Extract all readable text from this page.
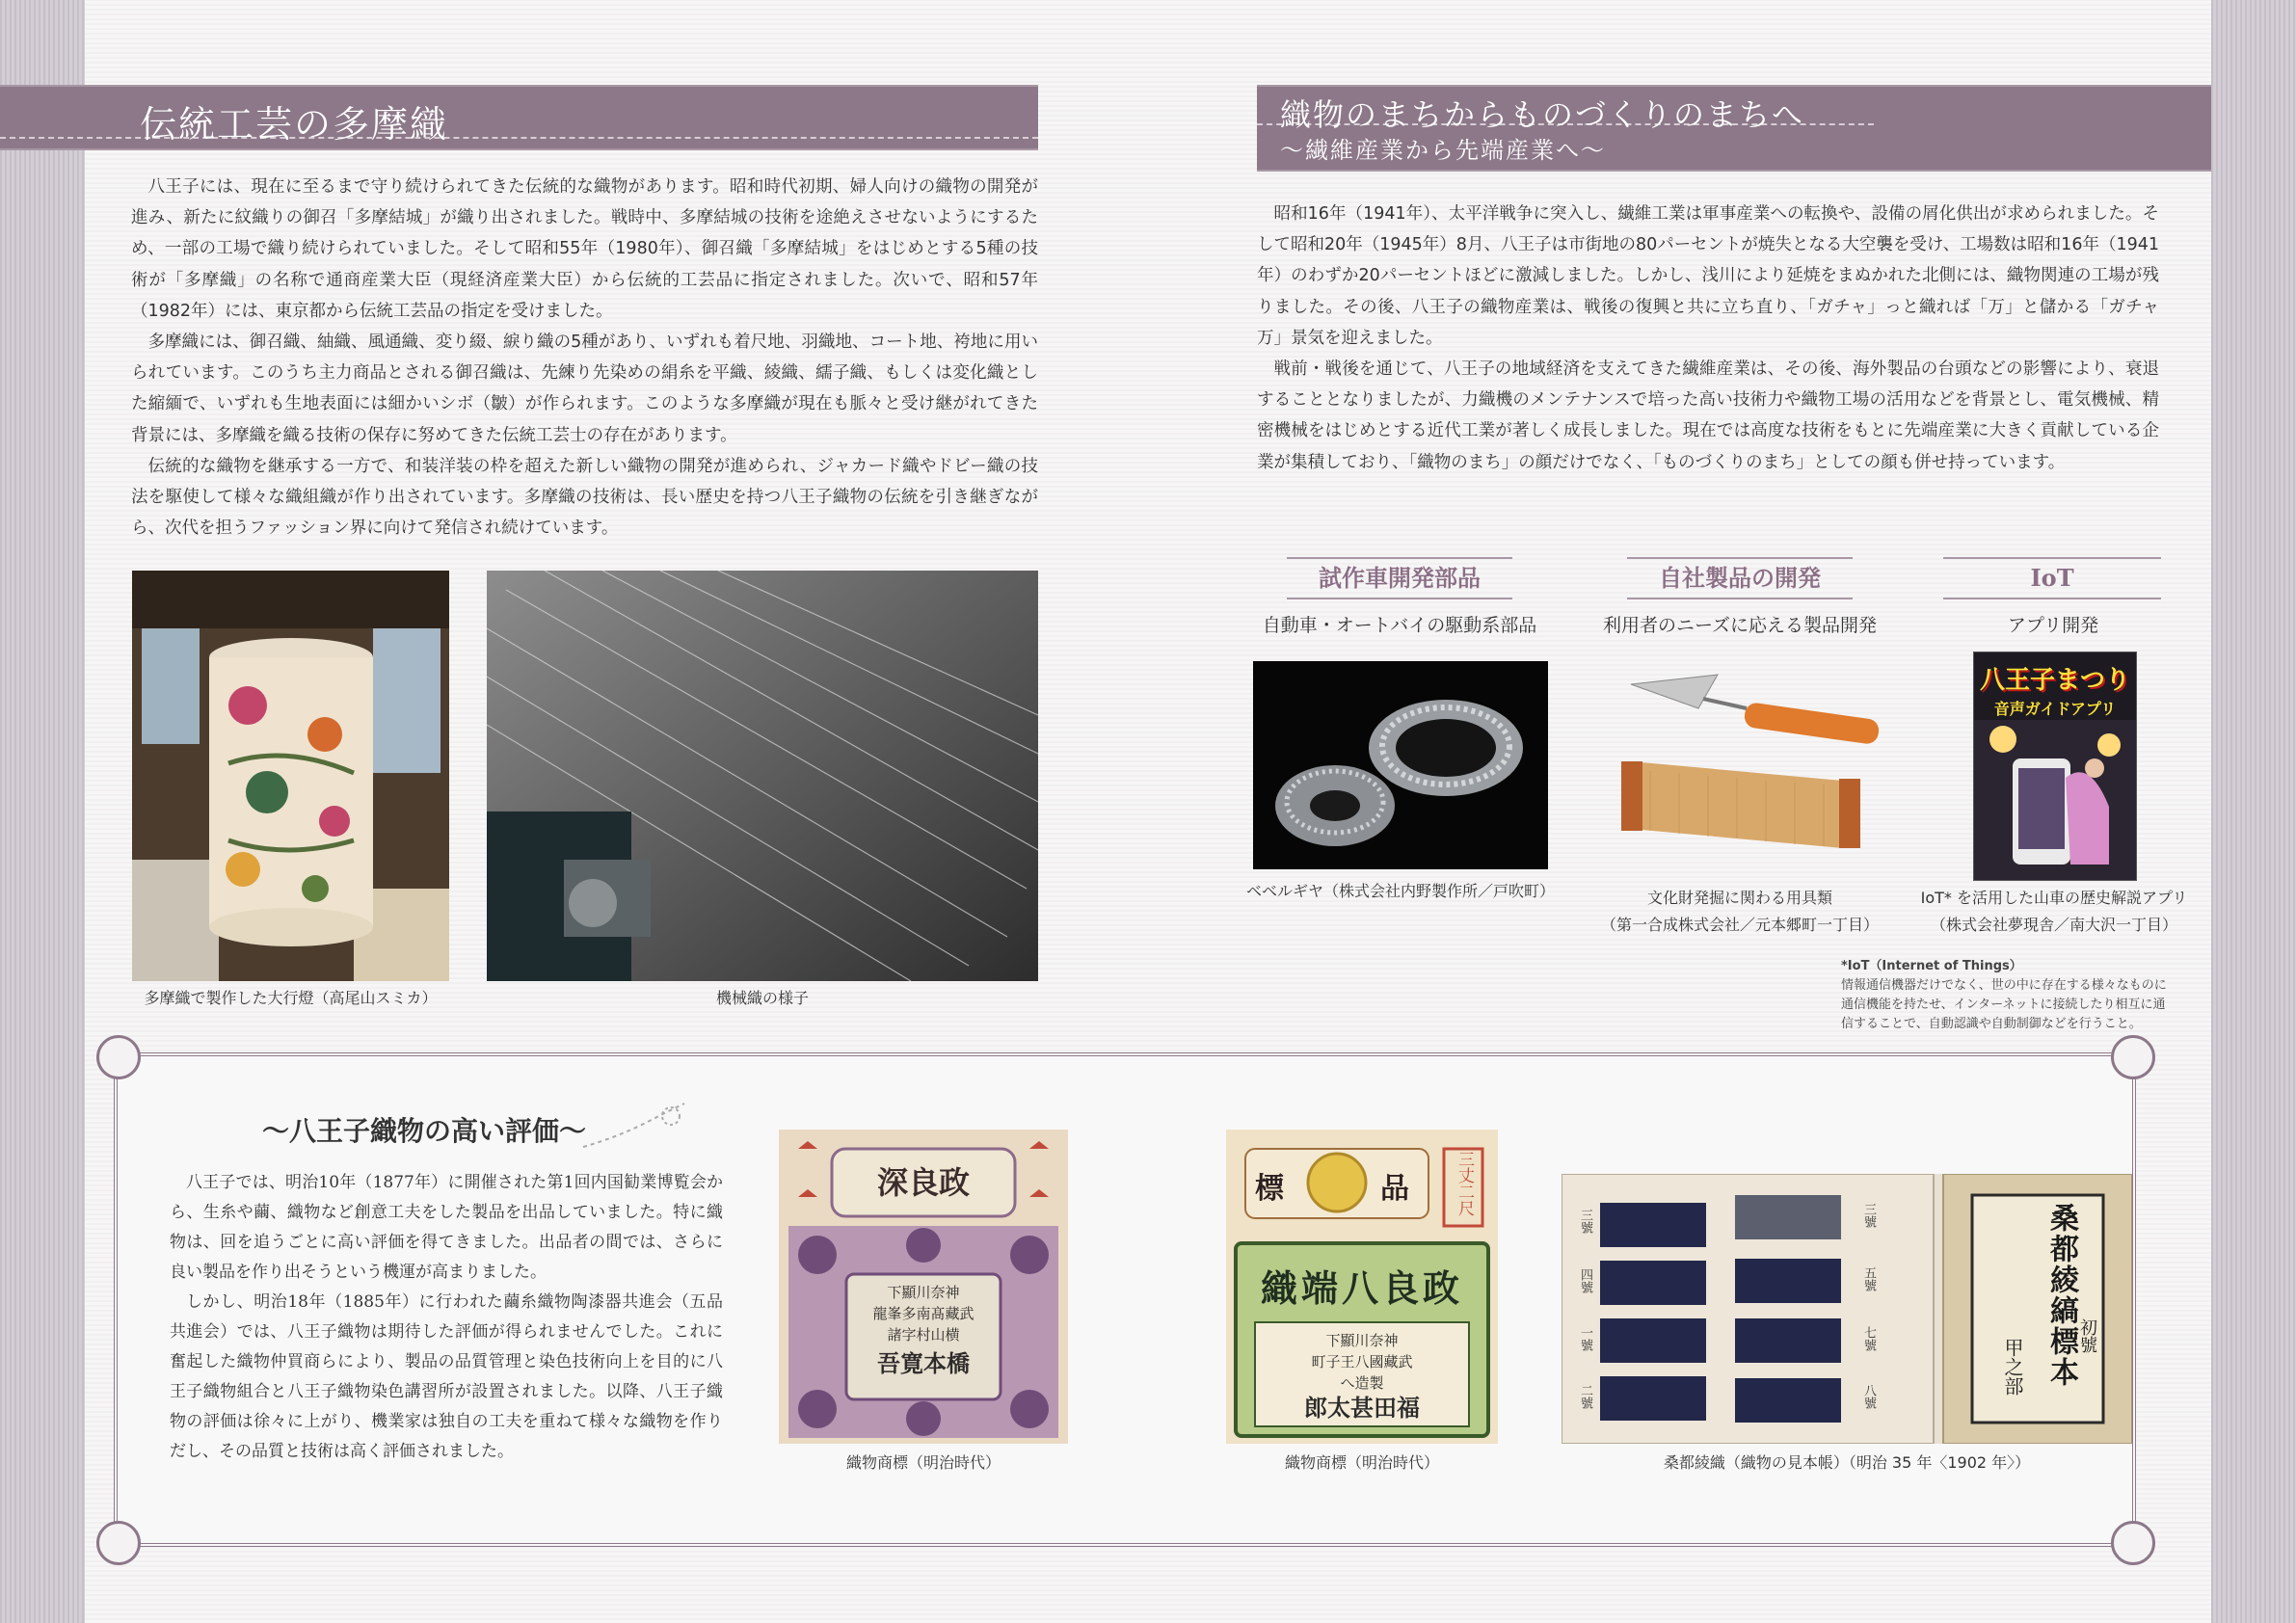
伝統工芸の多摩織

八王子には、現在に至るまで守り続けられてきた伝統的な織物があります。昭和時代初期、婦人向けの織物の開発が進み、新たに紋織りの御召「多摩結城」が織り出されました。戦時中、多摩結城の技術を途絶えさせないようにするため、一部の工場で織り続けられていました。そして昭和55年（1980年）、御召織「多摩結城」をはじめとする5種の技術が「多摩織」の名称で通商産業大臣（現経済産業大臣）から伝統的工芸品に指定されました。次いで、昭和57年（1982年）には、東京都から伝統工芸品の指定を受けました。

多摩織には、御召織、紬織、風通織、変り綴、綟り織の5種があり、いずれも着尺地、羽織地、コート地、袴地に用いられています。このうち主力商品とされる御召織は、先練り先染めの絹糸を平織、綾織、繻子織、もしくは変化織とした縮緬で、いずれも生地表面には細かいシボ（皺）が作られます。このような多摩織が現在も脈々と受け継がれてきた背景には、多摩織を織る技術の保存に努めてきた伝統工芸士の存在があります。

伝統的な織物を継承する一方で、和装洋装の枠を超えた新しい織物の開発が進められ、ジャカード織やドビー織の技法を駆使して様々な織組織が作り出されています。多摩織の技術は、長い歴史を持つ八王子織物の伝統を引き継ぎながら、次代を担うファッション界に向けて発信され続けています。

多摩織で製作した大行燈（高尾山スミカ）	機械織の様子
織物のまちからものづくりのまちへ
～繊維産業から先端産業へ～

昭和16年（1941年）、太平洋戦争に突入し、繊維工業は軍事産業への転換や、設備の屑化供出が求められました。そして昭和20年（1945年）8月、八王子は市街地の80パーセントが焼失となる大空襲を受け、工場数は昭和16年（1941年）のわずか20パーセントほどに激減しました。しかし、浅川により延焼をまぬかれた北側には、織物関連の工場が残りました。その後、八王子の織物産業は、戦後の復興と共に立ち直り、「ガチャ」っと織れば「万」と儲かる「ガチャ万」景気を迎えました。

戦前・戦後を通じて、八王子の地域経済を支えてきた繊維産業は、その後、海外製品の台頭などの影響により、衰退することとなりましたが、力織機のメンテナンスで培った高い技術力や織物工場の活用などを背景とし、電気機械、精密機械をはじめとする近代工業が著しく成長しました。現在では高度な技術をもとに先端産業に大きく貢献している企業が集積しており、「織物のまち」の顔だけでなく、「ものづくりのまち」としての顔も併せ持っています。

試作車開発部品	自社製品の開発	IoT
自動車・オートバイの駆動系部品	利用者のニーズに応える製品開発	アプリ開発
ベベルギヤ（株式会社内野製作所／戸吹町）	文化財発掘に関わる用具類
（第一合成株式会社／元本郷町一丁目）
八王子まつり
音声ガイドアプリ
IoT* を活用した山車の歴史解説アプリ
（株式会社夢現舎／南大沢一丁目）
*IoT（Internet of Things）
情報通信機器だけでなく、世の中に存在する様々なものに
通信機能を持たせ、インターネットに接続したり相互に通
信することで、自動認識や自動制御などを行うこと。
～八王子織物の高い評価～

八王子では、明治10年（1877年）に開催された第1回内国勧業博覧会から、生糸や繭、織物など創意工夫をした製品を出品していました。特に織物は、回を追うごとに高い評価を得てきました。出品者の間では、さらに良い製品を作り出そうという機運が高まりました。

しかし、明治18年（1885年）に行われた繭糸織物陶漆器共進会（五品共進会）では、八王子織物は期待した評価が得られませんでした。これに奮起した織物仲買商らにより、製品の品質管理と染色技術向上を目的に八王子織物組合と八王子織物染色講習所が設置されました。以降、八王子織物の評価は徐々に上がり、機業家は独自の工夫を重ねて様々な織物を作りだし、その品質と技術は高く評価されました。

深良政
下顯川奈神
龍峯多南髙藏武
諸字村山横
吾寛本橋
織物商標（明治時代）
標	品	三丈二尺
織端八良政
下顯川奈神
町子王八國藏武
へ造製
郎太甚田福
織物商標（明治時代）
三號
四號
一號
二號
三號
五號
七號
八號
桑都綾縞標本
甲之部
初號
桑都綾織（織物の見本帳）（明治 35 年〈1902 年〉）
